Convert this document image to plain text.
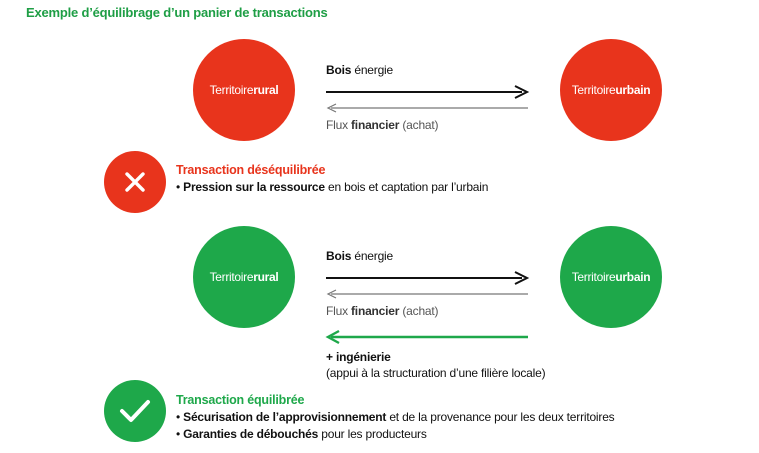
Exemple d’équilibrage d’un panier de transactions
Territoire rural	Territoire urbain
Bois énergie
Flux financier (achat)
Territoire rural	Territoire urbain
Bois énergie
Flux financier (achat)
+ ingénierie
(appui à la structuration d’une filière locale)
Transaction déséquilibrée
• Pression sur la ressource en bois et captation par l’urbain
Transaction équilibrée
• Sécurisation de l’approvisionnement et de la provenance pour les deux territoires
• Garanties de débouchés pour les producteurs
